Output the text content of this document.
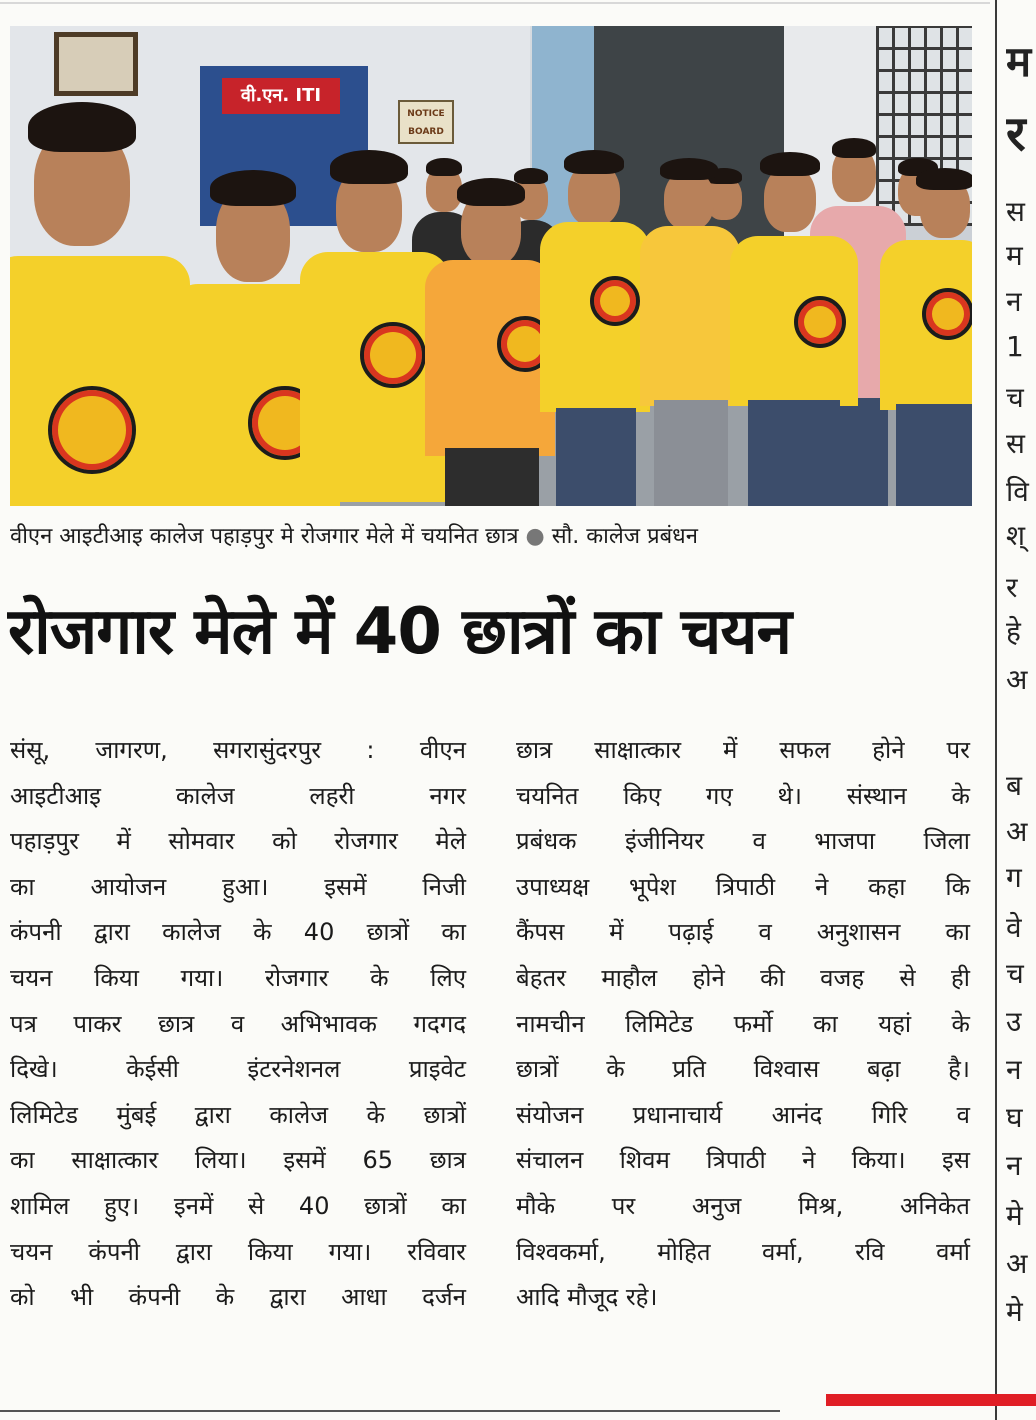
वी.एन. ITI
NOTICE BOARD
वीएन आइटीआइ कालेज पहाड़पुर मे रोजगार मेले में चयनित छात्र ● सौ. कालेज प्रबंधन
रोजगार मेले में 40 छात्रों का चयन
संसू, जागरण, सगरासुंदरपुर : वीएन
आइटीआइ कालेज लहरी नगर
पहाड़पुर में सोमवार को रोजगार मेले
का आयोजन हुआ। इसमें निजी
कंपनी द्वारा कालेज के 40 छात्रों का
चयन किया गया। रोजगार के लिए
पत्र पाकर छात्र व अभिभावक गदगद
दिखे। केईसी इंटरनेशनल प्राइवेट
लिमिटेड मुंबई द्वारा कालेज के छात्रों
का साक्षात्कार लिया। इसमें 65 छात्र
शामिल हुए। इनमें से 40 छात्रों का
चयन कंपनी द्वारा किया गया। रविवार
को भी कंपनी के द्वारा आधा दर्जन
छात्र साक्षात्कार में सफल होने पर
चयनित किए गए थे। संस्थान के
प्रबंधक इंजीनियर व भाजपा जिला
उपाध्यक्ष भूपेश त्रिपाठी ने कहा कि
कैंपस में पढ़ाई व अनुशासन का
बेहतर माहौल होने की वजह से ही
नामचीन लिमिटेड फर्मो का यहां के
छात्रों के प्रति विश्वास बढ़ा है।
संयोजन प्रधानाचार्य आनंद गिरि व
संचालन शिवम त्रिपाठी ने किया। इस
मौके पर अनुज मिश्र, अनिकेत
विश्वकर्मा, मोहित वर्मा, रवि वर्मा
आदि मौजूद रहे।
म
र
स
म
न
1
च
स
वि
श्
र
हे
अ
ब
अ
ग
वे
च
उ
न
घ
न
मे
अ
मे
